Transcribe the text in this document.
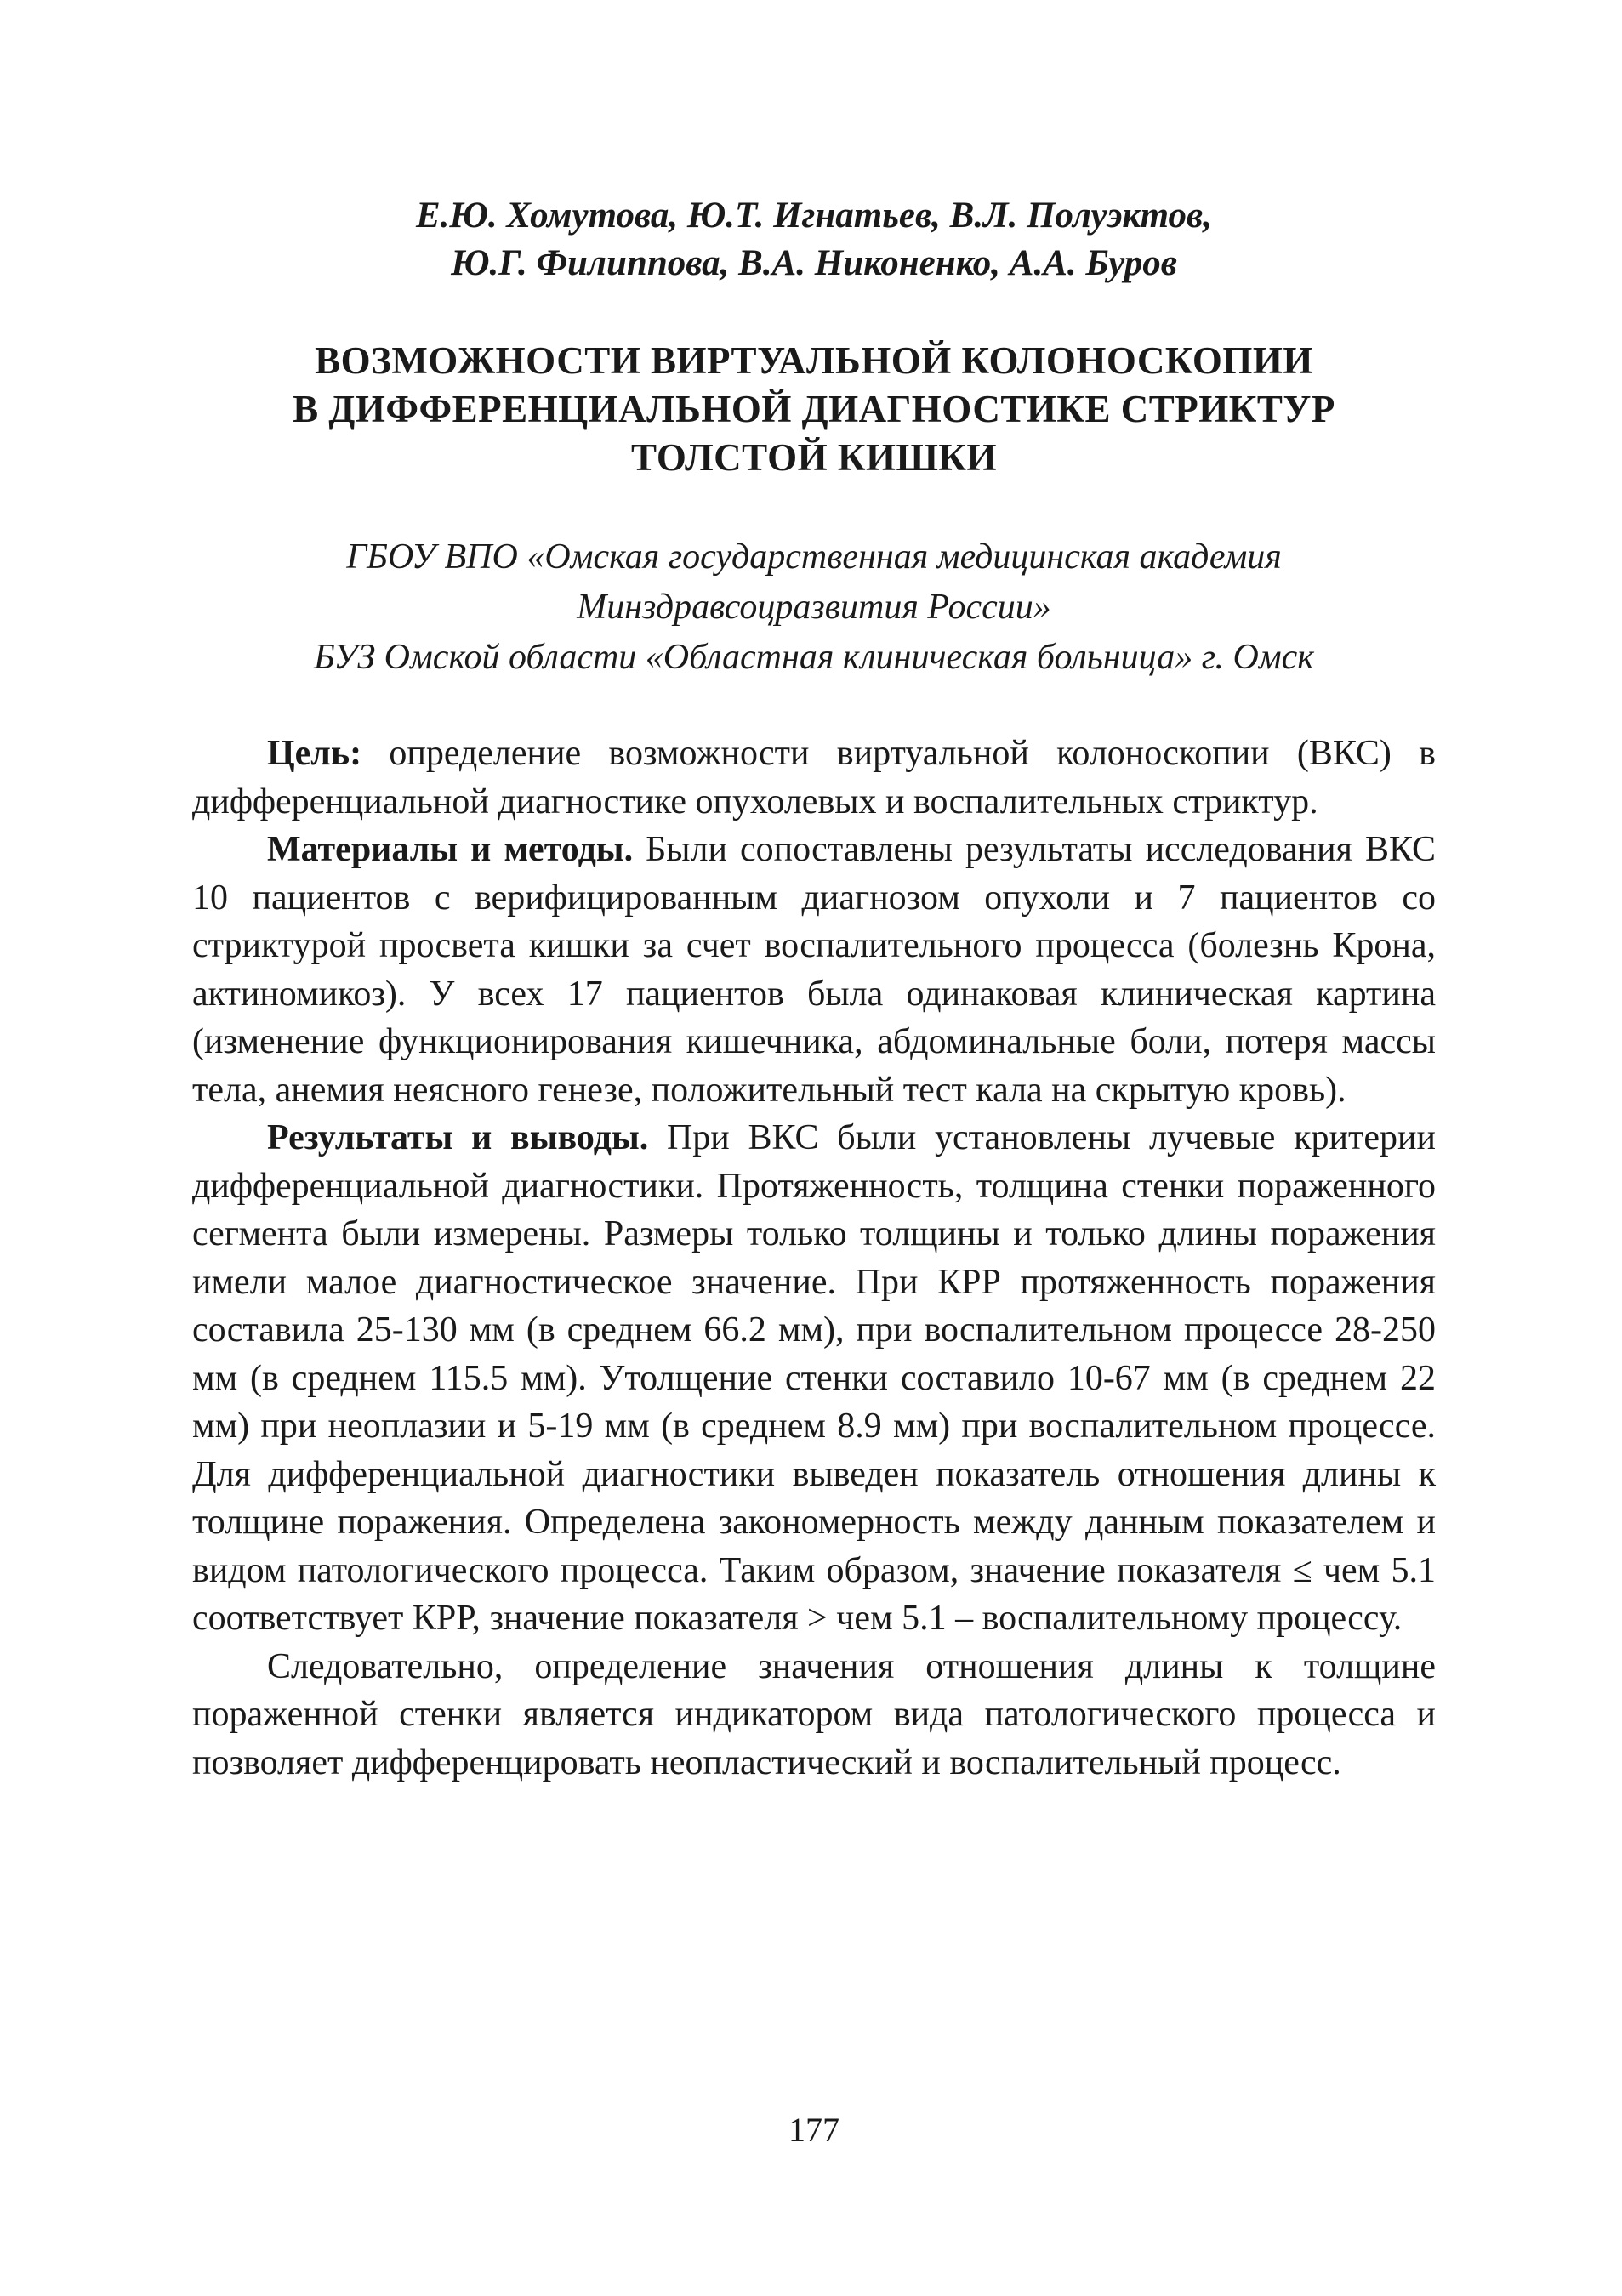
Е.Ю. Хомутова, Ю.Т. Игнатьев, В.Л. Полуэктов,
Ю.Г. Филиппова, В.А. Никоненко, А.А. Буров
ВОЗМОЖНОСТИ ВИРТУАЛЬНОЙ КОЛОНОСКОПИИ
В ДИФФЕРЕНЦИАЛЬНОЙ ДИАГНОСТИКЕ СТРИКТУР
ТОЛСТОЙ КИШКИ
ГБОУ ВПО «Омская государственная медицинская академия
Минздравсоцразвития России»
БУЗ Омской области «Областная клиническая больница» г. Омск

Цель: определение возможности виртуальной колоноскопии (ВКС) в дифференциальной диагностике опухолевых и воспалительных стриктур.

Материалы и методы. Были сопоставлены результаты исследования ВКС 10 пациентов с верифицированным диагнозом опухоли и 7 пациентов со стриктурой просвета кишки за счет воспалительного процесса (болезнь Крона, актиномикоз). У всех 17 пациентов была одинаковая клиническая картина (изменение функционирования кишечника, абдоминальные боли, потеря массы тела, анемия неясного генезе, положительный тест кала на скрытую кровь).

Результаты и выводы. При ВКС были установлены лучевые критерии дифференциальной диагностики. Протяженность, толщина стенки пораженного сегмента были измерены. Размеры только толщины и только длины поражения имели малое диагностическое значение. При КРР протяженность поражения составила 25-130 мм (в среднем 66.2 мм), при воспалительном процессе 28-250 мм (в среднем 115.5 мм). Утолщение стенки составило 10-67 мм (в среднем 22 мм) при неоплазии и 5-19 мм (в среднем 8.9 мм) при воспалительном процессе. Для дифференциальной диагностики выведен показатель отношения длины к толщине поражения. Определена закономерность между данным показателем и видом патологического процесса. Таким образом, значение показателя ≤ чем 5.1 соответствует КРР, значение показателя > чем 5.1 – воспалительному процессу.

Следовательно, определение значения отношения длины к толщине пораженной стенки является индикатором вида патологического процесса и позволяет дифференцировать неопластический и воспалительный процесс.

177
